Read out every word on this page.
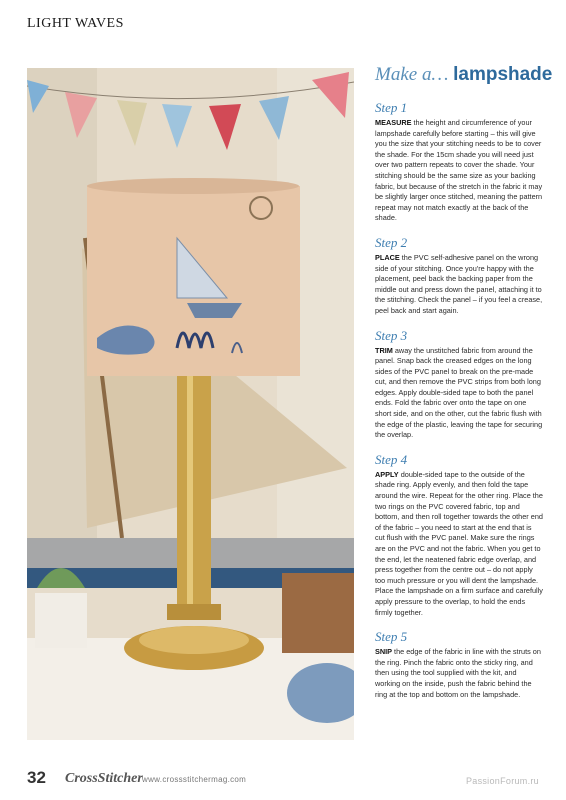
LIGHT WAVES
Make a… lampshade
Step 1

MEASURE the height and circumference of your lampshade carefully before starting – this will give you the size that your stitching needs to be to cover the shade. For the 15cm shade you will need just over two pattern repeats to cover the shade. Your stitching should be the same size as your backing fabric, but because of the stretch in the fabric it may be slightly larger once stitched, meaning the pattern repeat may not match exactly at the back of the shade.

Step 2

PLACE the PVC self-adhesive panel on the wrong side of your stitching. Once you're happy with the placement, peel back the backing paper from the middle out and press down the panel, attaching it to the stitching. Check the panel – if you feel a crease, peel back and start again.

Step 3

TRIM away the unstitched fabric from around the panel. Snap back the creased edges on the long sides of the PVC panel to break on the pre-made cut, and then remove the PVC strips from both long edges. Apply double-sided tape to both the panel ends. Fold the fabric over onto the tape on one short side, and on the other, cut the fabric flush with the edge of the plastic, leaving the tape for securing the overlap.

Step 4

APPLY double-sided tape to the outside of the shade ring. Apply evenly, and then fold the tape around the wire. Repeat for the other ring. Place the two rings on the PVC covered fabric, top and bottom, and then roll together towards the other end of the fabric – you need to start at the end that is cut flush with the PVC panel. Make sure the rings are on the PVC and not the fabric. When you get to the end, let the neatened fabric edge overlap, and press together from the centre out – do not apply too much pressure or you will dent the lampshade. Place the lampshade on a firm surface and carefully apply pressure to the overlap, to hold the ends firmly together.

Step 5

SNIP the edge of the fabric in line with the struts on the ring. Pinch the fabric onto the sticky ring, and then using the tool supplied with the kit, and working on the inside, push the fabric behind the ring at the top and bottom on the lampshade.

32 CrossStitcher www.crossstitchermag.com	PassionForum.ru
